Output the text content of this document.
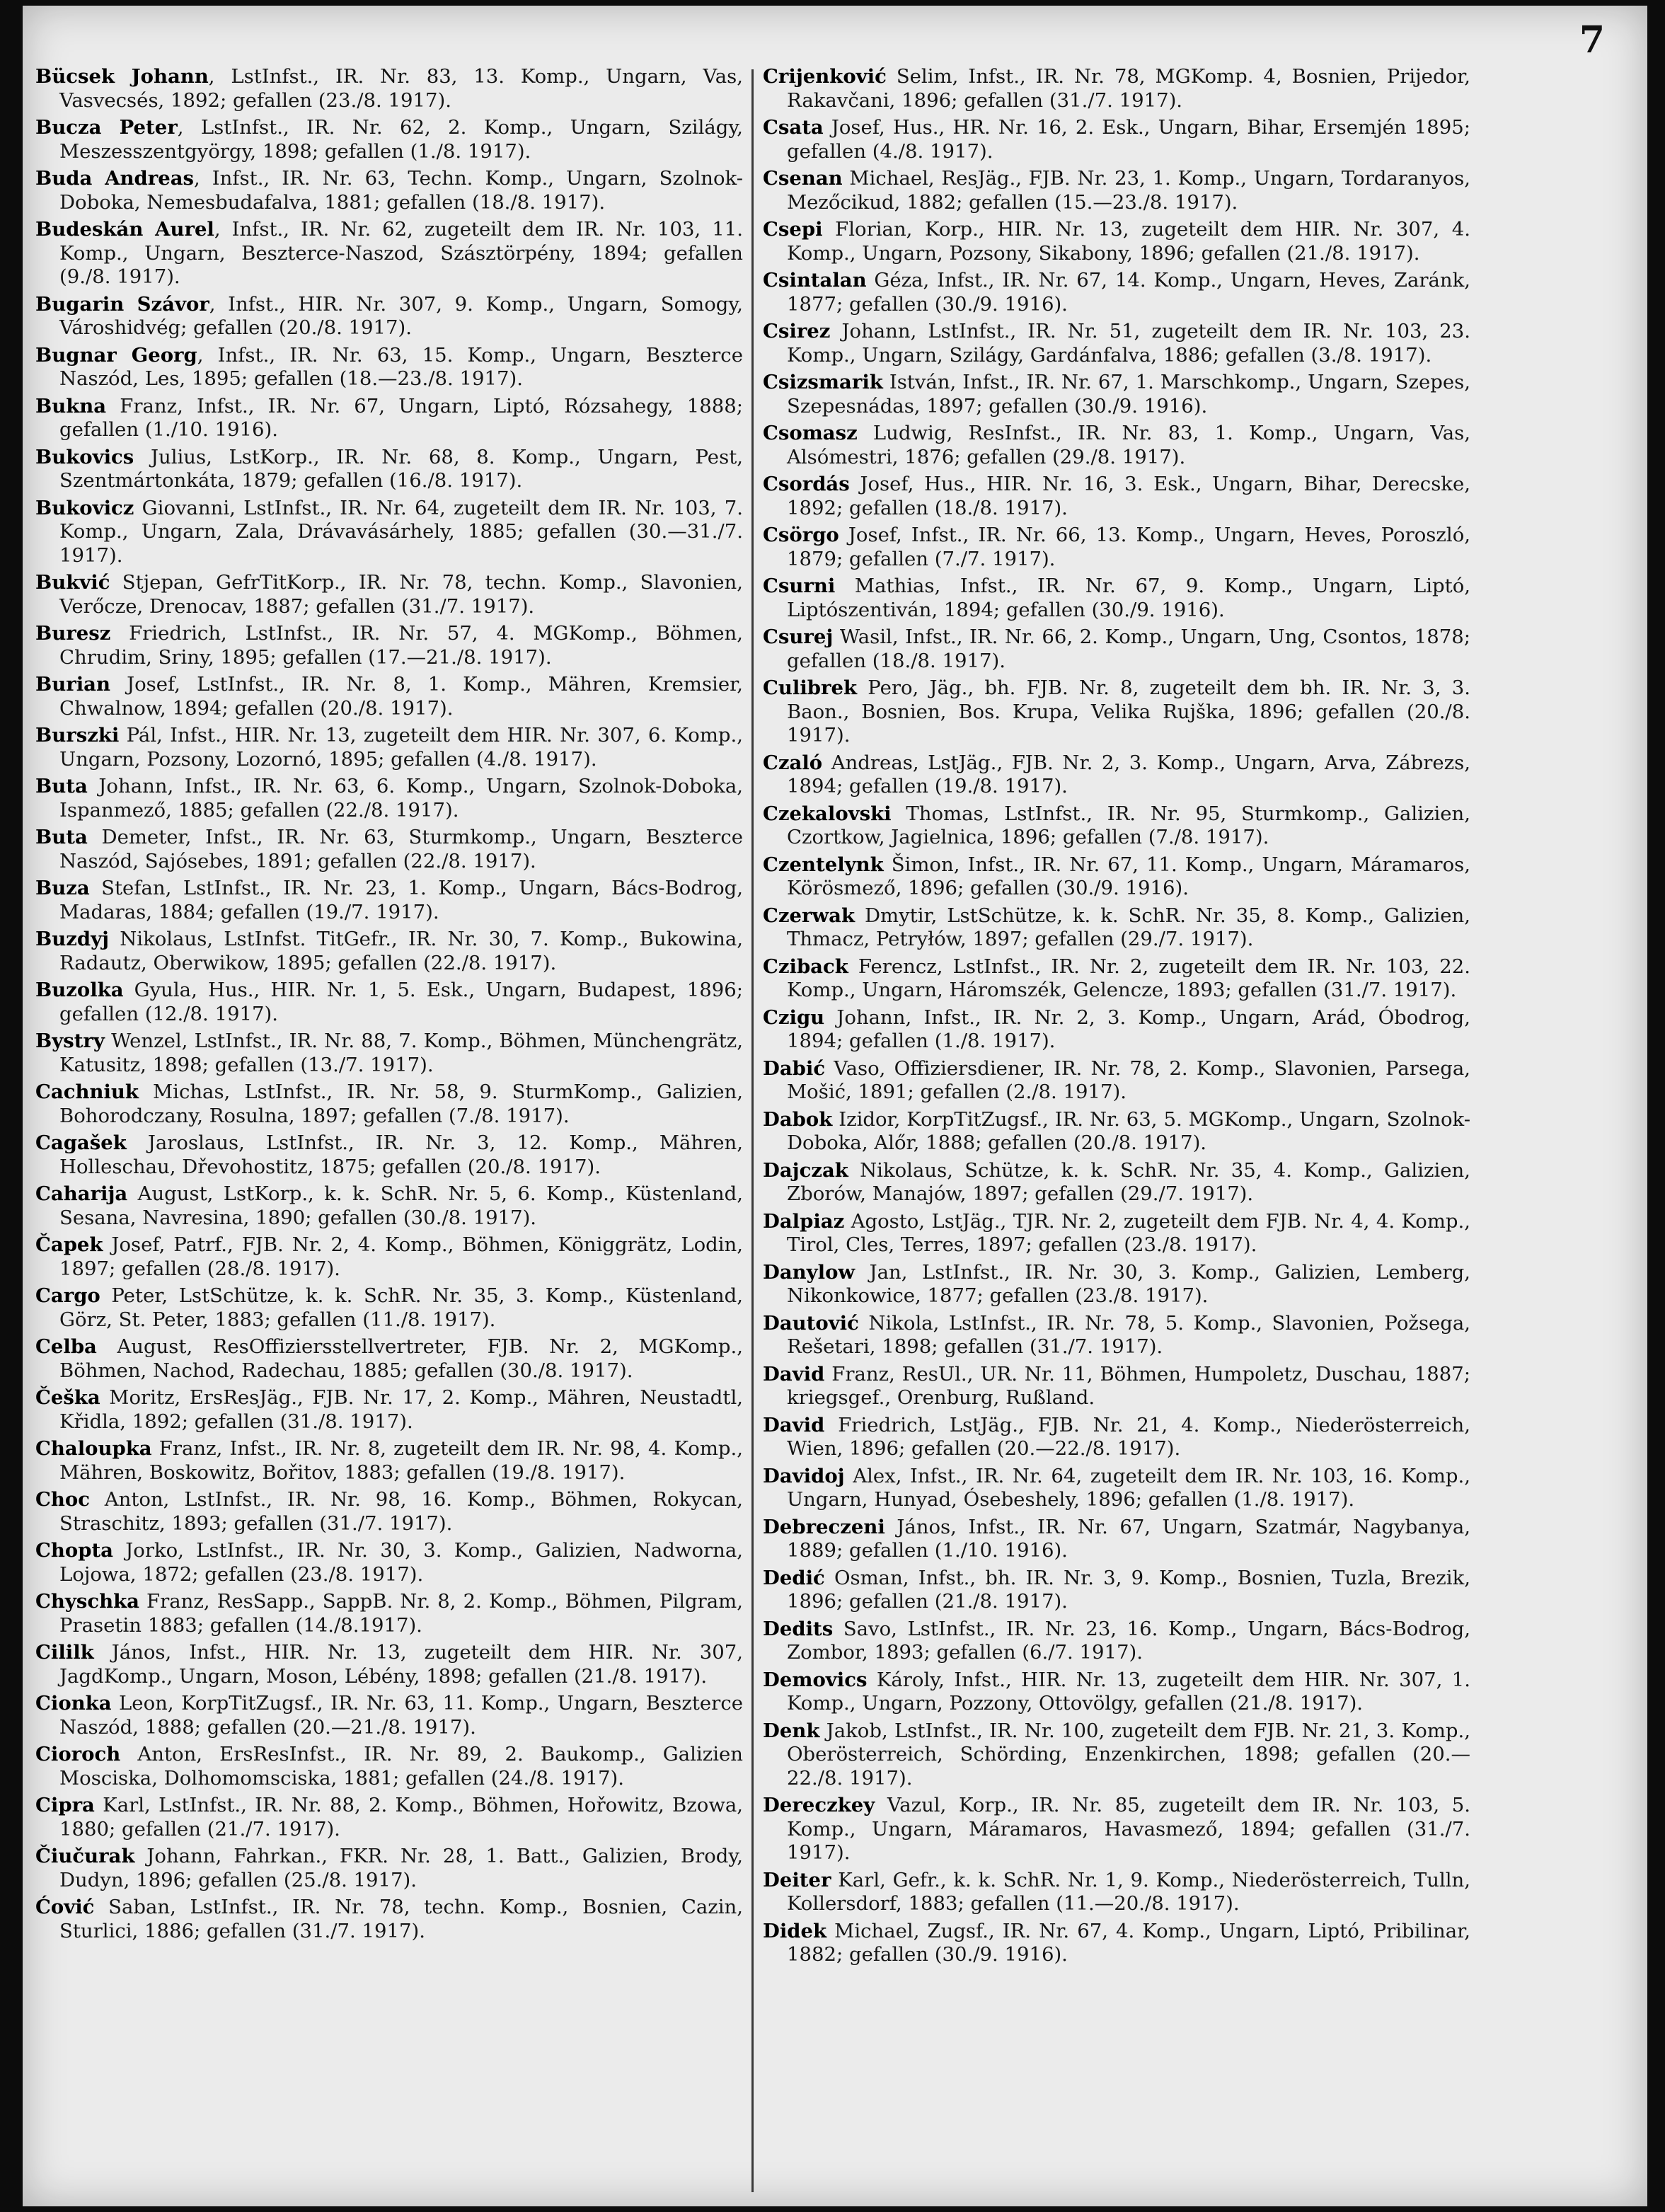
7

Bücsek Johann, LstInfst., IR. Nr. 83, 13. Komp., Ungarn, Vas, Vasvecsés, 1892; gefallen (23./8. 1917).

Bucza Peter, LstInfst., IR. Nr. 62, 2. Komp., Ungarn, Szilágy, Meszesszentgyörgy, 1898; gefallen (1./8. 1917).

Buda Andreas, Infst., IR. Nr. 63, Techn. Komp., Ungarn, Szolnok-Doboka, Nemesbudafalva, 1881; gefallen (18./8. 1917).

Budeskán Aurel, Infst., IR. Nr. 62, zugeteilt dem IR. Nr. 103, 11. Komp., Ungarn, Beszterce-Naszod, Szásztörpény, 1894; gefallen (9./8. 1917).

Bugarin Szávor, Infst., HIR. Nr. 307, 9. Komp., Ungarn, Somogy, Városhidvég; gefallen (20./8. 1917).

Bugnar Georg, Infst., IR. Nr. 63, 15. Komp., Ungarn, Beszterce Naszód, Les, 1895; gefallen (18.—23./8. 1917).

Bukna Franz, Infst., IR. Nr. 67, Ungarn, Liptó, Rózsahegy, 1888; gefallen (1./10. 1916).

Bukovics Julius, LstKorp., IR. Nr. 68, 8. Komp., Ungarn, Pest, Szentmártonkáta, 1879; gefallen (16./8. 1917).

Bukovicz Giovanni, LstInfst., IR. Nr. 64, zugeteilt dem IR. Nr. 103, 7. Komp., Ungarn, Zala, Drávavásárhely, 1885; gefallen (30.—31./7. 1917).

Bukvić Stjepan, GefrTitKorp., IR. Nr. 78, techn. Komp., Slavonien, Verőcze, Drenocav, 1887; gefallen (31./7. 1917).

Buresz Friedrich, LstInfst., IR. Nr. 57, 4. MGKomp., Böhmen, Chrudim, Sriny, 1895; gefallen (17.—21./8. 1917).

Burian Josef, LstInfst., IR. Nr. 8, 1. Komp., Mähren, Kremsier, Chwalnow, 1894; gefallen (20./8. 1917).

Burszki Pál, Infst., HIR. Nr. 13, zugeteilt dem HIR. Nr. 307, 6. Komp., Ungarn, Pozsony, Lozornó, 1895; gefallen (4./8. 1917).

Buta Johann, Infst., IR. Nr. 63, 6. Komp., Ungarn, Szolnok-Doboka, Ispanmező, 1885; gefallen (22./8. 1917).

Buta Demeter, Infst., IR. Nr. 63, Sturmkomp., Ungarn, Beszterce Naszód, Sajósebes, 1891; gefallen (22./8. 1917).

Buza Stefan, LstInfst., IR. Nr. 23, 1. Komp., Ungarn, Bács-Bodrog, Madaras, 1884; gefallen (19./7. 1917).

Buzdyj Nikolaus, LstInfst. TitGefr., IR. Nr. 30, 7. Komp., Bukowina, Radautz, Oberwikow, 1895; gefallen (22./8. 1917).

Buzolka Gyula, Hus., HIR. Nr. 1, 5. Esk., Ungarn, Budapest, 1896; gefallen (12./8. 1917).

Bystry Wenzel, LstInfst., IR. Nr. 88, 7. Komp., Böhmen, Münchengrätz, Katusitz, 1898; gefallen (13./7. 1917).

Cachniuk Michas, LstInfst., IR. Nr. 58, 9. SturmKomp., Galizien, Bohorodczany, Rosulna, 1897; gefallen (7./8. 1917).

Cagašek Jaroslaus, LstInfst., IR. Nr. 3, 12. Komp., Mähren, Holleschau, Dřevohostitz, 1875; gefallen (20./8. 1917).

Caharija August, LstKorp., k. k. SchR. Nr. 5, 6. Komp., Küstenland, Sesana, Navresina, 1890; gefallen (30./8. 1917).

Čapek Josef, Patrf., FJB. Nr. 2, 4. Komp., Böhmen, Königgrätz, Lodin, 1897; gefallen (28./8. 1917).

Cargo Peter, LstSchütze, k. k. SchR. Nr. 35, 3. Komp., Küstenland, Görz, St. Peter, 1883; gefallen (11./8. 1917).

Celba August, ResOffiziersstellvertreter, FJB. Nr. 2, MGKomp., Böhmen, Nachod, Radechau, 1885; gefallen (30./8. 1917).

Češka Moritz, ErsResJäg., FJB. Nr. 17, 2. Komp., Mähren, Neustadtl, Křidla, 1892; gefallen (31./8. 1917).

Chaloupka Franz, Infst., IR. Nr. 8, zugeteilt dem IR. Nr. 98, 4. Komp., Mähren, Boskowitz, Bořitov, 1883; gefallen (19./8. 1917).

Choc Anton, LstInfst., IR. Nr. 98, 16. Komp., Böhmen, Rokycan, Straschitz, 1893; gefallen (31./7. 1917).

Chopta Jorko, LstInfst., IR. Nr. 30, 3. Komp., Galizien, Nadworna, Lojowa, 1872; gefallen (23./8. 1917).

Chyschka Franz, ResSapp., SappB. Nr. 8, 2. Komp., Böhmen, Pilgram, Prasetin 1883; gefallen (14./8.1917).

Cililk János, Infst., HIR. Nr. 13, zugeteilt dem HIR. Nr. 307, JagdKomp., Ungarn, Moson, Lébény, 1898; gefallen (21./8. 1917).

Cionka Leon, KorpTitZugsf., IR. Nr. 63, 11. Komp., Ungarn, Beszterce Naszód, 1888; gefallen (20.—21./8. 1917).

Cioroch Anton, ErsResInfst., IR. Nr. 89, 2. Baukomp., Galizien Mosciska, Dolhomomsciska, 1881; gefallen (24./8. 1917).

Cipra Karl, LstInfst., IR. Nr. 88, 2. Komp., Böhmen, Hořowitz, Bzowa, 1880; gefallen (21./7. 1917).

Čiučurak Johann, Fahrkan., FKR. Nr. 28, 1. Batt., Galizien, Brody, Dudyn, 1896; gefallen (25./8. 1917).

Ćović Saban, LstInfst., IR. Nr. 78, techn. Komp., Bosnien, Cazin, Sturlici, 1886; gefallen (31./7. 1917).

Crijenković Selim, Infst., IR. Nr. 78, MGKomp. 4, Bosnien, Prijedor, Rakavčani, 1896; gefallen (31./7. 1917).

Csata Josef, Hus., HR. Nr. 16, 2. Esk., Ungarn, Bihar, Ersemjén 1895; gefallen (4./8. 1917).

Csenan Michael, ResJäg., FJB. Nr. 23, 1. Komp., Ungarn, Tordaranyos, Mezőcikud, 1882; gefallen (15.—23./8. 1917).

Csepi Florian, Korp., HIR. Nr. 13, zugeteilt dem HIR. Nr. 307, 4. Komp., Ungarn, Pozsony, Sikabony, 1896; gefallen (21./8. 1917).

Csintalan Géza, Infst., IR. Nr. 67, 14. Komp., Ungarn, Heves, Zaránk, 1877; gefallen (30./9. 1916).

Csirez Johann, LstInfst., IR. Nr. 51, zugeteilt dem IR. Nr. 103, 23. Komp., Ungarn, Szilágy, Gardánfalva, 1886; gefallen (3./8. 1917).

Csizsmarik István, Infst., IR. Nr. 67, 1. Marschkomp., Ungarn, Szepes, Szepesnádas, 1897; gefallen (30./9. 1916).

Csomasz Ludwig, ResInfst., IR. Nr. 83, 1. Komp., Ungarn, Vas, Alsómestri, 1876; gefallen (29./8. 1917).

Csordás Josef, Hus., HIR. Nr. 16, 3. Esk., Ungarn, Bihar, Derecske, 1892; gefallen (18./8. 1917).

Csörgo Josef, Infst., IR. Nr. 66, 13. Komp., Ungarn, Heves, Poroszló, 1879; gefallen (7./7. 1917).

Csurni Mathias, Infst., IR. Nr. 67, 9. Komp., Ungarn, Liptó, Liptószentiván, 1894; gefallen (30./9. 1916).

Csurej Wasil, Infst., IR. Nr. 66, 2. Komp., Ungarn, Ung, Csontos, 1878; gefallen (18./8. 1917).

Culibrek Pero, Jäg., bh. FJB. Nr. 8, zugeteilt dem bh. IR. Nr. 3, 3. Baon., Bosnien, Bos. Krupa, Velika Rujška, 1896; gefallen (20./8. 1917).

Czaló Andreas, LstJäg., FJB. Nr. 2, 3. Komp., Ungarn, Arva, Zábrezs, 1894; gefallen (19./8. 1917).

Czekalovski Thomas, LstInfst., IR. Nr. 95, Sturmkomp., Galizien, Czortkow, Jagielnica, 1896; gefallen (7./8. 1917).

Czentelynk Šimon, Infst., IR. Nr. 67, 11. Komp., Ungarn, Máramaros, Körösmező, 1896; gefallen (30./9. 1916).

Czerwak Dmytir, LstSchütze, k. k. SchR. Nr. 35, 8. Komp., Galizien, Thmacz, Petryłów, 1897; gefallen (29./7. 1917).

Cziback Ferencz, LstInfst., IR. Nr. 2, zugeteilt dem IR. Nr. 103, 22. Komp., Ungarn, Háromszék, Gelencze, 1893; gefallen (31./7. 1917).

Czigu Johann, Infst., IR. Nr. 2, 3. Komp., Ungarn, Arád, Óbodrog, 1894; gefallen (1./8. 1917).

Dabić Vaso, Offiziersdiener, IR. Nr. 78, 2. Komp., Slavonien, Parsega, Mošić, 1891; gefallen (2./8. 1917).

Dabok Izidor, KorpTitZugsf., IR. Nr. 63, 5. MGKomp., Ungarn, Szolnok-Doboka, Alőr, 1888; gefallen (20./8. 1917).

Dajczak Nikolaus, Schütze, k. k. SchR. Nr. 35, 4. Komp., Galizien, Zborów, Manajów, 1897; gefallen (29./7. 1917).

Dalpiaz Agosto, LstJäg., TJR. Nr. 2, zugeteilt dem FJB. Nr. 4, 4. Komp., Tirol, Cles, Terres, 1897; gefallen (23./8. 1917).

Danylow Jan, LstInfst., IR. Nr. 30, 3. Komp., Galizien, Lemberg, Nikonkowice, 1877; gefallen (23./8. 1917).

Dautović Nikola, LstInfst., IR. Nr. 78, 5. Komp., Slavonien, Požsega, Rešetari, 1898; gefallen (31./7. 1917).

David Franz, ResUl., UR. Nr. 11, Böhmen, Humpoletz, Duschau, 1887; kriegsgef., Orenburg, Rußland.

David Friedrich, LstJäg., FJB. Nr. 21, 4. Komp., Niederösterreich, Wien, 1896; gefallen (20.—22./8. 1917).

Davidoj Alex, Infst., IR. Nr. 64, zugeteilt dem IR. Nr. 103, 16. Komp., Ungarn, Hunyad, Ósebeshely, 1896; gefallen (1./8. 1917).

Debreczeni János, Infst., IR. Nr. 67, Ungarn, Szatmár, Nagybanya, 1889; gefallen (1./10. 1916).

Dedić Osman, Infst., bh. IR. Nr. 3, 9. Komp., Bosnien, Tuzla, Brezik, 1896; gefallen (21./8. 1917).

Dedits Savo, LstInfst., IR. Nr. 23, 16. Komp., Ungarn, Bács-Bodrog, Zombor, 1893; gefallen (6./7. 1917).

Demovics Károly, Infst., HIR. Nr. 13, zugeteilt dem HIR. Nr. 307, 1. Komp., Ungarn, Pozzony, Ottovölgy, gefallen (21./8. 1917).

Denk Jakob, LstInfst., IR. Nr. 100, zugeteilt dem FJB. Nr. 21, 3. Komp., Oberösterreich, Schörding, Enzenkirchen, 1898; gefallen (20.—22./8. 1917).

Dereczkey Vazul, Korp., IR. Nr. 85, zugeteilt dem IR. Nr. 103, 5. Komp., Ungarn, Máramaros, Havasmező, 1894; gefallen (31./7. 1917).

Deiter Karl, Gefr., k. k. SchR. Nr. 1, 9. Komp., Niederösterreich, Tulln, Kollersdorf, 1883; gefallen (11.—20./8. 1917).

Didek Michael, Zugsf., IR. Nr. 67, 4. Komp., Ungarn, Liptó, Pribilinar, 1882; gefallen (30./9. 1916).
